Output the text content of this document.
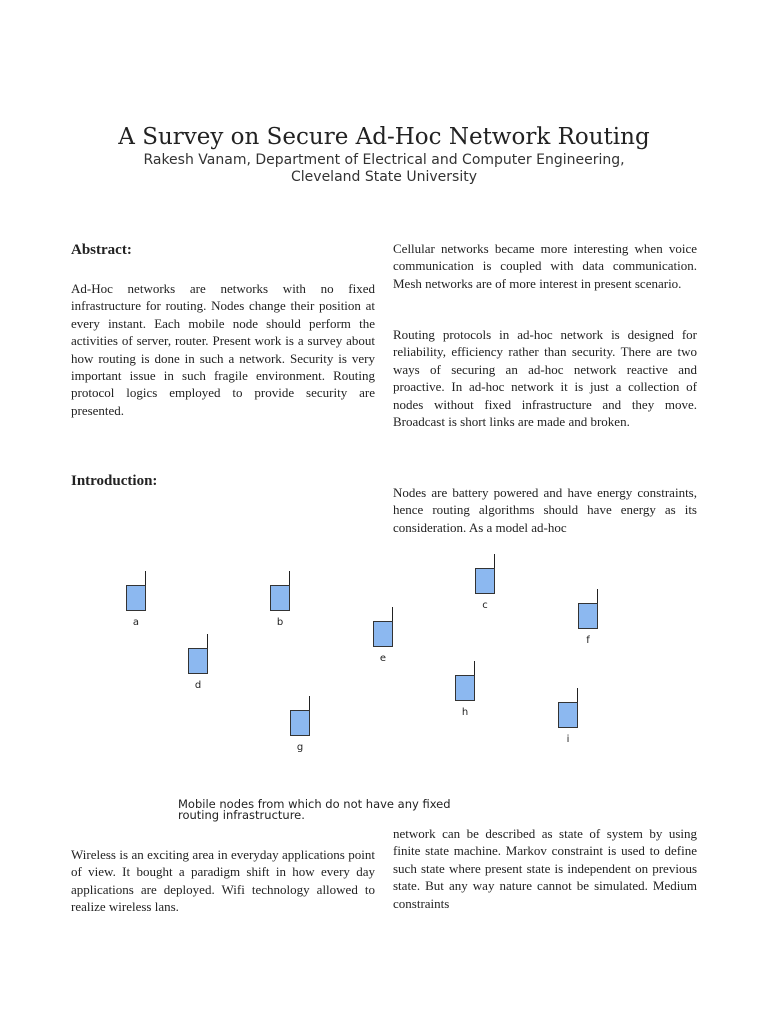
A Survey on Secure Ad-Hoc Network Routing
Rakesh Vanam, Department of Electrical and Computer Engineering,
Cleveland State University
Abstract:
Ad-Hoc networks are networks with no fixed infrastructure for routing. Nodes change their position at every instant. Each mobile node should perform the activities of server, router. Present work is a survey about how routing is done in such a network. Security is very important issue in such fragile environment. Routing protocol logics employed to provide security are presented.
Introduction:
Cellular networks became more interesting when voice communication is coupled with data communication. Mesh networks are of more interest in present scenario.
Routing protocols in ad-hoc network is designed for reliability, efficiency rather than security. There are two ways of securing an ad-hoc network reactive and proactive. In ad-hoc network it is just a collection of nodes without fixed infrastructure and they move. Broadcast is short links are made and broken.
Nodes are battery powered and have energy constraints, hence routing algorithms should have energy as its consideration. As a model ad-hoc
a	b
c
d
e
f
g
h
i
Mobile nodes from which do not have any fixed
routing infrastructure.
Wireless is an exciting area in everyday applications point of view. It bought a paradigm shift in how every day applications are deployed. Wifi technology allowed to realize wireless lans.
network can be described as state of system by using finite state machine. Markov constraint is used to define such state where present state is independent on previous state. But any way nature cannot be simulated. Medium constraints
